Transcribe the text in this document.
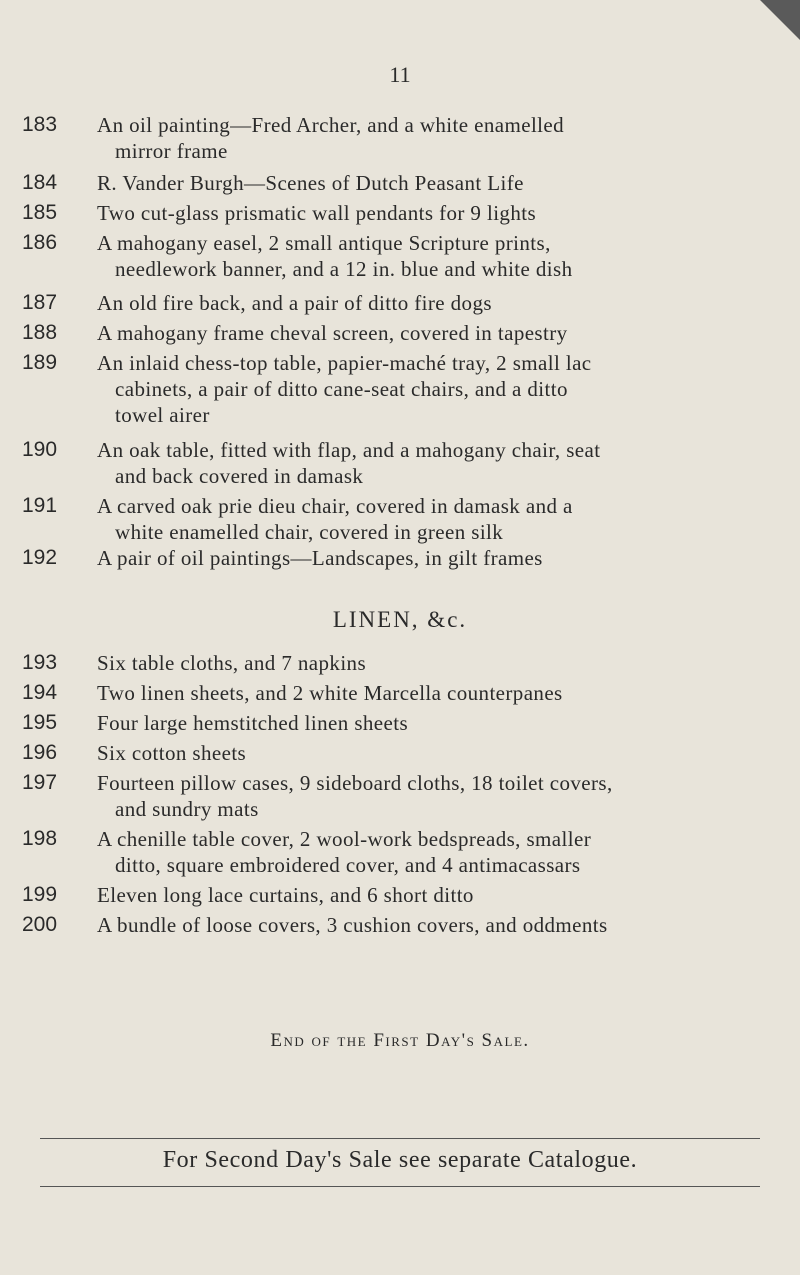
11
183	An oil painting—Fred Archer, and a white enamelled
mirror frame
184	R. Vander Burgh—Scenes of Dutch Peasant Life
185	Two cut-glass prismatic wall pendants for 9 lights
186	A mahogany easel, 2 small antique Scripture prints,
needlework banner, and a 12 in. blue and white dish
187	An old fire back, and a pair of ditto fire dogs
188	A mahogany frame cheval screen, covered in tapestry
189	An inlaid chess-top table, papier-maché tray, 2 small lac
cabinets, a pair of ditto cane-seat chairs, and a ditto
towel airer
190	An oak table, fitted with flap, and a mahogany chair, seat
and back covered in damask
191	A carved oak prie dieu chair, covered in damask and a
white enamelled chair, covered in green silk
192	A pair of oil paintings—Landscapes, in gilt frames
LINEN, &c.
193	Six table cloths, and 7 napkins
194	Two linen sheets, and 2 white Marcella counterpanes
195	Four large hemstitched linen sheets
196	Six cotton sheets
197	Fourteen pillow cases, 9 sideboard cloths, 18 toilet covers,
and sundry mats
198	A chenille table cover, 2 wool-work bedspreads, smaller
ditto, square embroidered cover, and 4 antimacassars
199	Eleven long lace curtains, and 6 short ditto
200	A bundle of loose covers, 3 cushion covers, and oddments
End of the First Day's Sale.
For Second Day's Sale see separate Catalogue.
